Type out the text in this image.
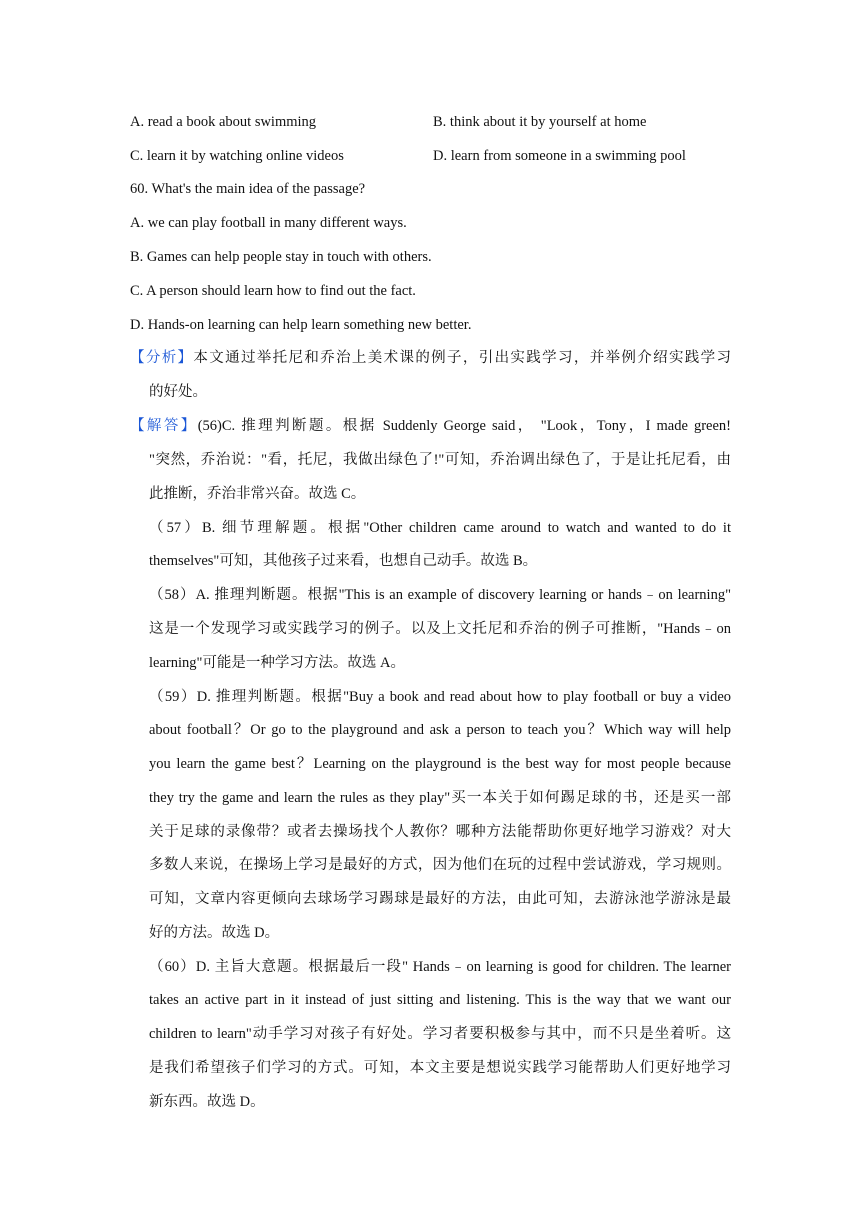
A. read a book about swimming	B. think about it by yourself at home
C. learn it by watching online videos	D. learn from someone in a swimming pool
60. What's the main idea of the passage?
A. we can play football in many different ways.
B. Games can help people stay in touch with others.
C. A person should learn how to find out the fact.
D. Hands-on learning can help learn something new better.
【分析】本文通过举托尼和乔治上美术课的例子，引出实践学习，并举例介绍实践学习
的好处。
【解答】(56)C. 推理判断题。根据 Suddenly George said， "Look，Tony，I made green!
"突然，乔治说："看，托尼，我做出绿色了!"可知，乔治调出绿色了，于是让托尼看，由
此推断，乔治非常兴奋。故选 C。
（57）B. 细节理解题。根据"Other children came around to watch and wanted to do it
themselves"可知，其他孩子过来看，也想自己动手。故选 B。
（58）A. 推理判断题。根据"This is an example of discovery learning or hands﹣on learning"
这是一个发现学习或实践学习的例子。以及上文托尼和乔治的例子可推断，"Hands﹣on
learning"可能是一种学习方法。故选 A。
（59）D. 推理判断题。根据"Buy a book and read about how to play football or buy a video
about football？Or go to the playground and ask a person to teach you？Which way will help
you learn the game best？Learning on the playground is the best way for most people because
they try the game and learn the rules as they play"买一本关于如何踢足球的书，还是买一部
关于足球的录像带？或者去操场找个人教你？哪种方法能帮助你更好地学习游戏？对大
多数人来说，在操场上学习是最好的方式，因为他们在玩的过程中尝试游戏，学习规则。
可知，文章内容更倾向去球场学习踢球是最好的方法，由此可知，去游泳池学游泳是最
好的方法。故选 D。
（60）D. 主旨大意题。根据最后一段" Hands﹣on learning is good for children. The learner
takes an active part in it instead of just sitting and listening. This is the way that we want our
children to learn"动手学习对孩子有好处。学习者要积极参与其中，而不只是坐着听。这
是我们希望孩子们学习的方式。可知，本文主要是想说实践学习能帮助人们更好地学习
新东西。故选 D。
